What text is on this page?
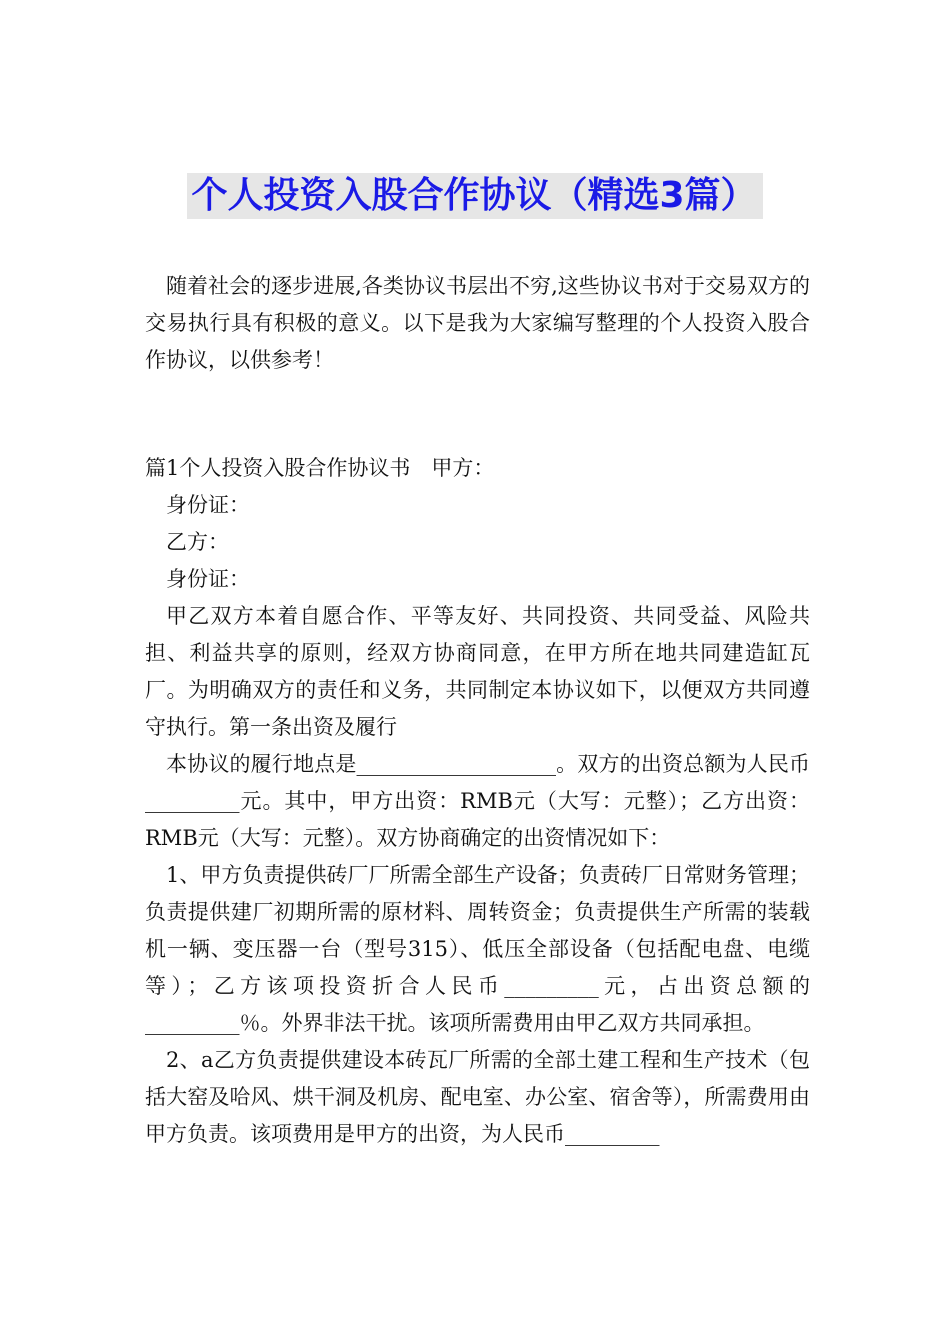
个人投资入股合作协议（精选3篇）

随着社会的逐步进展,各类协议书层出不穷,这些协议书对于交易双方的交易执行具有积极的意义。以下是我为大家编写整理的个人投资入股合作协议，以供参考！

篇1个人投资入股合作协议书　甲方：

身份证：

乙方：

身份证：

甲乙双方本着自愿合作、平等友好、共同投资、共同受益、风险共担、利益共享的原则，经双方协商同意，在甲方所在地共同建造缸瓦厂。为明确双方的责任和义务，共同制定本协议如下，以便双方共同遵守执行。第一条出资及履行

本协议的履行地点是___________________。双方的出资总额为人民币_________元。其中，甲方出资：RMB元（大写：元整）；乙方出资：RMB元（大写：元整）。双方协商确定的出资情况如下：

1、甲方负责提供砖厂厂所需全部生产设备；负责砖厂日常财务管理；负责提供建厂初期所需的原材料、周转资金；负责提供生产所需的装载机一辆、变压器一台（型号315）、低压全部设备（包括配电盘、电缆等）；乙方该项投资折合人民币_________元，占出资总额的_________％。外界非法干扰。该项所需费用由甲乙双方共同承担。

2、a乙方负责提供建设本砖瓦厂所需的全部土建工程和生产技术（包括大窑及哈风、烘干洞及机房、配电室、办公室、宿舍等），所需费用由甲方负责。该项费用是甲方的出资，为人民币_________
